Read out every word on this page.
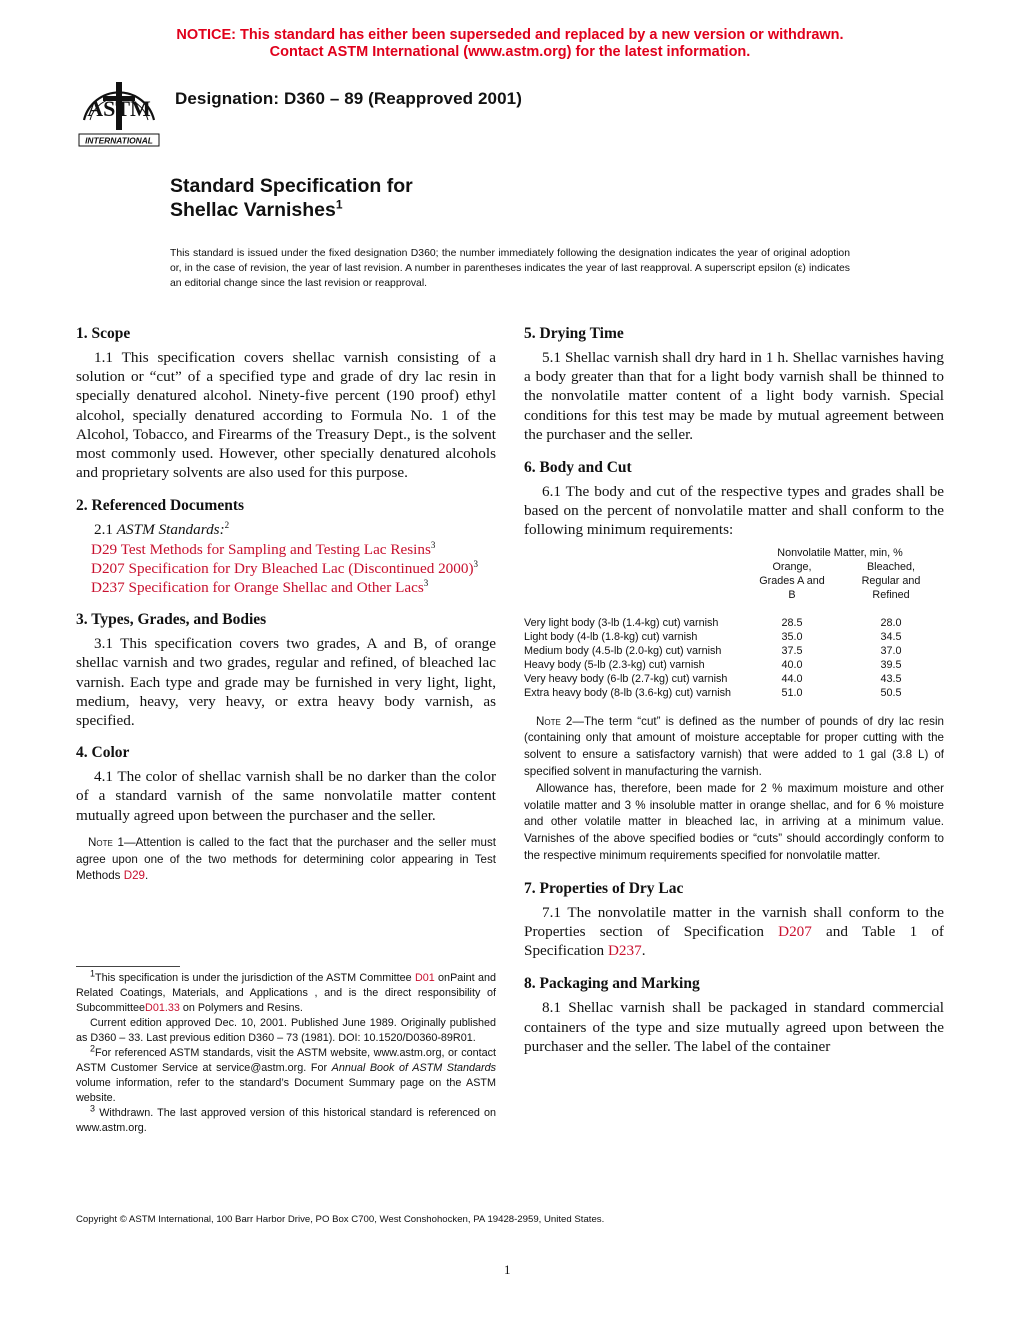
NOTICE: This standard has either been superseded and replaced by a new version or withdrawn.
Contact ASTM International (www.astm.org) for the latest information.
ASTM
INTERNATIONAL
Designation: D360 – 89 (Reapproved 2001)
Standard Specification for
Shellac Varnishes$^1$
This standard is issued under the fixed designation D360; the number immediately following the designation indicates the year of original adoption or, in the case of revision, the year of last revision. A number in parentheses indicates the year of last reapproval. A superscript epsilon (ε) indicates an editorial change since the last revision or reapproval.

1. Scope

1.1 This specification covers shellac varnish consisting of a solution or “cut” of a specified type and grade of dry lac resin in specially denatured alcohol. Ninety-five percent (190 proof) ethyl alcohol, specially denatured according to Formula No. 1 of the Alcohol, Tobacco, and Firearms of the Treasury Dept., is the solvent most commonly used. However, other specially denatured alcohols and proprietary solvents are also used for this purpose.

2. Referenced Documents

2.1 ASTM Standards:$^2$

D29 Test Methods for Sampling and Testing Lac Resins$^3$

D207 Specification for Dry Bleached Lac (Discontinued 2000)$^3$

D237 Specification for Orange Shellac and Other Lacs$^3$

3. Types, Grades, and Bodies

3.1 This specification covers two grades, A and B, of orange shellac varnish and two grades, regular and refined, of bleached lac varnish. Each type and grade may be furnished in very light, light, medium, heavy, very heavy, or extra heavy body varnish, as specified.

4. Color

4.1 The color of shellac varnish shall be no darker than the color of a standard varnish of the same nonvolatile matter content mutually agreed upon between the purchaser and the seller.

Note 1—Attention is called to the fact that the purchaser and the seller must agree upon one of the two methods for determining color appearing in Test Methods D29.

$^1$This specification is under the jurisdiction of the ASTM Committee D01 onPaint and Related Coatings, Materials, and Applications , and is the direct responsibility of SubcommitteeD01.33 on Polymers and Resins.

Current edition approved Dec. 10, 2001. Published June 1989. Originally published as D360 – 33. Last previous edition D360 – 73 (1981). DOI: 10.1520/D0360-89R01.

$^2$For referenced ASTM standards, visit the ASTM website, www.astm.org, or contact ASTM Customer Service at service@astm.org. For Annual Book of ASTM Standards volume information, refer to the standard’s Document Summary page on the ASTM website.

$^3$ Withdrawn. The last approved version of this historical standard is referenced on www.astm.org.

5. Drying Time

5.1 Shellac varnish shall dry hard in 1 h. Shellac varnishes having a body greater than that for a light body varnish shall be thinned to the nonvolatile matter content of a light body varnish. Special conditions for this test may be made by mutual agreement between the purchaser and the seller.

6. Body and Cut

6.1 The body and cut of the respective types and grades shall be based on the percent of nonvolatile matter and shall conform to the following minimum requirements:

	Nonvolatile Matter, min, %	
	Orange, Grades A and B	Bleached, Regular and Refined
Very light body (3-lb (1.4-kg) cut) varnish	28.5	28.0
Light body (4-lb (1.8-kg) cut) varnish	35.0	34.5
Medium body (4.5-lb (2.0-kg) cut) varnish	37.5	37.0
Heavy body (5-lb (2.3-kg) cut) varnish	40.0	39.5
Very heavy body (6-lb (2.7-kg) cut) varnish	44.0	43.5
Extra heavy body (8-lb (3.6-kg) cut) varnish	51.0	50.5

Note 2—The term “cut” is defined as the number of pounds of dry lac resin (containing only that amount of moisture acceptable for proper cutting with the solvent to ensure a satisfactory varnish) that were added to 1 gal (3.8 L) of specified solvent in manufacturing the varnish.

Allowance has, therefore, been made for 2 % maximum moisture and other volatile matter and 3 % insoluble matter in orange shellac, and for 6 % moisture and other volatile matter in bleached lac, in arriving at a minimum value. Varnishes of the above specified bodies or “cuts” should accordingly conform to the respective minimum requirements specified for nonvolatile matter.

7. Properties of Dry Lac

7.1 The nonvolatile matter in the varnish shall conform to the Properties section of Specification D207 and Table 1 of Specification D237.

8. Packaging and Marking

8.1 Shellac varnish shall be packaged in standard commercial containers of the type and size mutually agreed upon between the purchaser and the seller. The label of the container

Copyright © ASTM International, 100 Barr Harbor Drive, PO Box C700, West Conshohocken, PA 19428-2959, United States.
1
